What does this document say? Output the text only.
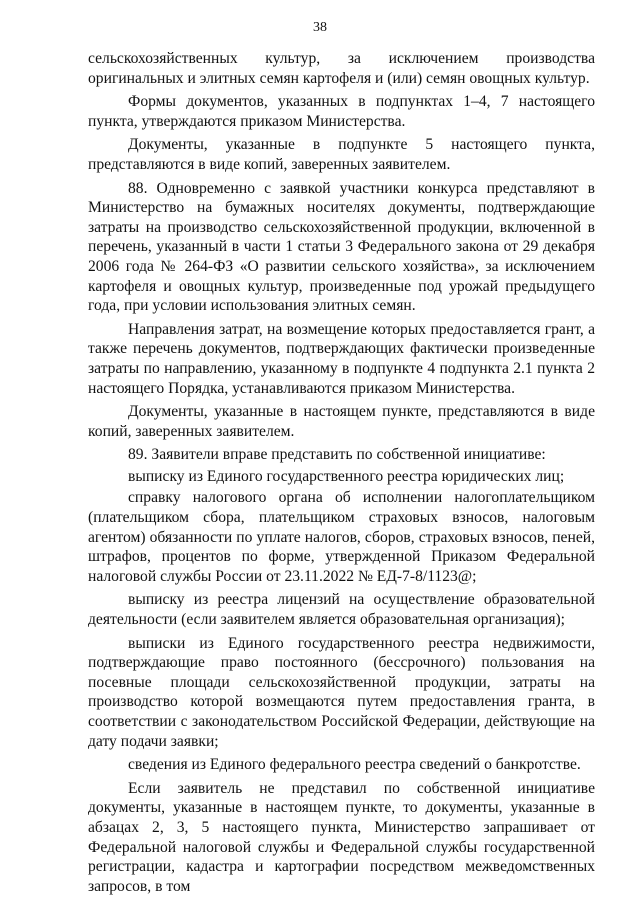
38

сельскохозяйственных культур, за исключением производства оригинальных и элитных семян картофеля и (или) семян овощных культур.

Формы документов, указанных в подпунктах 1–4, 7 настоящего пункта, утверждаются приказом Министерства.

Документы, указанные в подпункте 5 настоящего пункта, представляются в виде копий, заверенных заявителем.

88. Одновременно с заявкой участники конкурса представляют в Министерство на бумажных носителях документы, подтверждающие затраты на производство сельскохозяйственной продукции, включенной в перечень, указанный в части 1 статьи 3 Федерального закона от 29 декабря 2006 года № 264-ФЗ «О развитии сельского хозяйства», за исключением картофеля и овощных культур, произведенные под урожай предыдущего года, при условии использования элитных семян.

Направления затрат, на возмещение которых предоставляется грант, а также перечень документов, подтверждающих фактически произведенные затраты по направлению, указанному в подпункте 4 подпункта 2.1 пункта 2 настоящего Порядка, устанавливаются приказом Министерства.

Документы, указанные в настоящем пункте, представляются в виде копий, заверенных заявителем.

89. Заявители вправе представить по собственной инициативе:

выписку из Единого государственного реестра юридических лиц;

справку налогового органа об исполнении налогоплательщиком (плательщиком сбора, плательщиком страховых взносов, налоговым агентом) обязанности по уплате налогов, сборов, страховых взносов, пеней, штрафов, процентов по форме, утвержденной Приказом Федеральной налоговой службы России от 23.11.2022 № ЕД-7-8/1123@;

выписку из реестра лицензий на осуществление образовательной деятельности (если заявителем является образовательная организация);

выписки из Единого государственного реестра недвижимости, подтверждающие право постоянного (бессрочного) пользования на посевные площади сельскохозяйственной продукции, затраты на производство которой возмещаются путем предоставления гранта, в соответствии с законодательством Российской Федерации, действующие на дату подачи заявки;

сведения из Единого федерального реестра сведений о банкротстве.

Если заявитель не представил по собственной инициативе документы, указанные в настоящем пункте, то документы, указанные в абзацах 2, 3, 5 настоящего пункта, Министерство запрашивает от Федеральной налоговой службы и Федеральной службы государственной регистрации, кадастра и картографии посредством межведомственных запросов, в том
